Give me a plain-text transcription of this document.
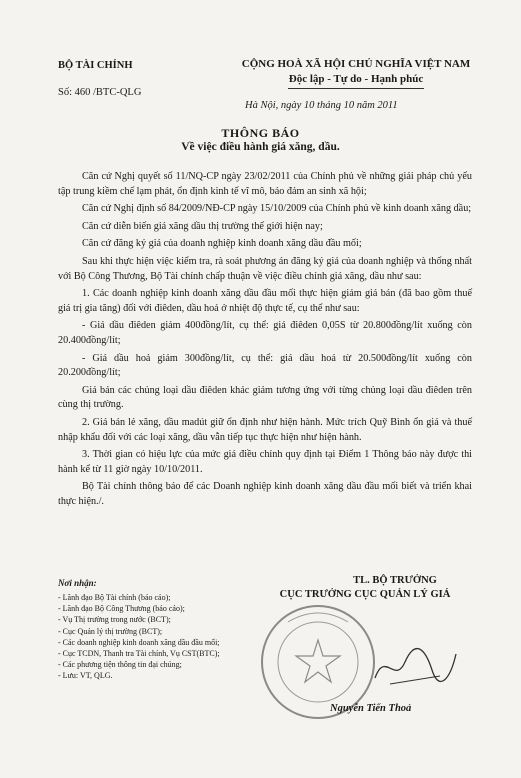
BỘ TÀI CHÍNH
Số: 460 /BTC-QLG
CỘNG HOÀ XÃ HỘI CHỦ NGHĨA VIỆT NAM
Độc lập - Tự do - Hạnh phúc
Hà Nội, ngày 10 tháng 10 năm 2011
THÔNG BÁO
Về việc điều hành giá xăng, dầu.

Căn cứ Nghị quyết số 11/NQ-CP ngày 23/02/2011 của Chính phủ về những giải pháp chủ yếu tập trung kiềm chế lạm phát, ổn định kinh tế vĩ mô, bảo đảm an sinh xã hội;

Căn cứ Nghị định số 84/2009/NĐ-CP ngày 15/10/2009 của Chính phủ về kinh doanh xăng dầu;

Căn cứ diễn biến giá xăng dầu thị trường thế giới hiện nay;

Căn cứ đăng ký giá của doanh nghiệp kinh doanh xăng dầu đầu mối;

Sau khi thực hiện việc kiểm tra, rà soát phương án đăng ký giá của doanh nghiệp và thống nhất với Bộ Công Thương, Bộ Tài chính chấp thuận về việc điều chỉnh giá xăng, dầu như sau:

1. Các doanh nghiệp kinh doanh xăng dầu đầu mối thực hiện giảm giá bán (đã bao gồm thuế giá trị gia tăng) đối với điêden, dầu hoả ở nhiệt độ thực tế, cụ thể như sau:

- Giá dầu điêden giảm 400đồng/lít, cụ thể: giá điêden 0,05S từ 20.800đồng/lít xuống còn 20.400đồng/lít;

- Giá dầu hoả giảm 300đồng/lít, cụ thể: giá dầu hoả từ 20.500đồng/lít xuống còn 20.200đồng/lít;

Giá bán các chủng loại dầu điêden khác giảm tương ứng với từng chủng loại dầu điêden trên cùng thị trường.

2. Giá bán lẻ xăng, dầu madút giữ ổn định như hiện hành. Mức trích Quỹ Bình ổn giá và thuế nhập khẩu đối với các loại xăng, dầu vẫn tiếp tục thực hiện như hiện hành.

3. Thời gian có hiệu lực của mức giá điều chỉnh quy định tại Điểm 1 Thông báo này được thi hành kể từ 11 giờ ngày 10/10/2011.

Bộ Tài chính thông báo để các Doanh nghiệp kinh doanh xăng dầu đầu mối biết và triển khai thực hiện./.

Nơi nhận:
- Lãnh đạo Bộ Tài chính (báo cáo);
- Lãnh đạo Bộ Công Thương (báo cáo);
- Vụ Thị trường trong nước (BCT);
- Cục Quản lý thị trường (BCT);
- Các doanh nghiệp kinh doanh xăng dầu đầu mối;
- Cục TCDN, Thanh tra Tài chính, Vụ CST(BTC);
- Các phương tiện thông tin đại chúng;
- Lưu: VT, QLG.
TL. BỘ TRƯỞNG
CỤC TRƯỞNG CỤC QUẢN LÝ GIÁ
Nguyễn Tiến Thoả
